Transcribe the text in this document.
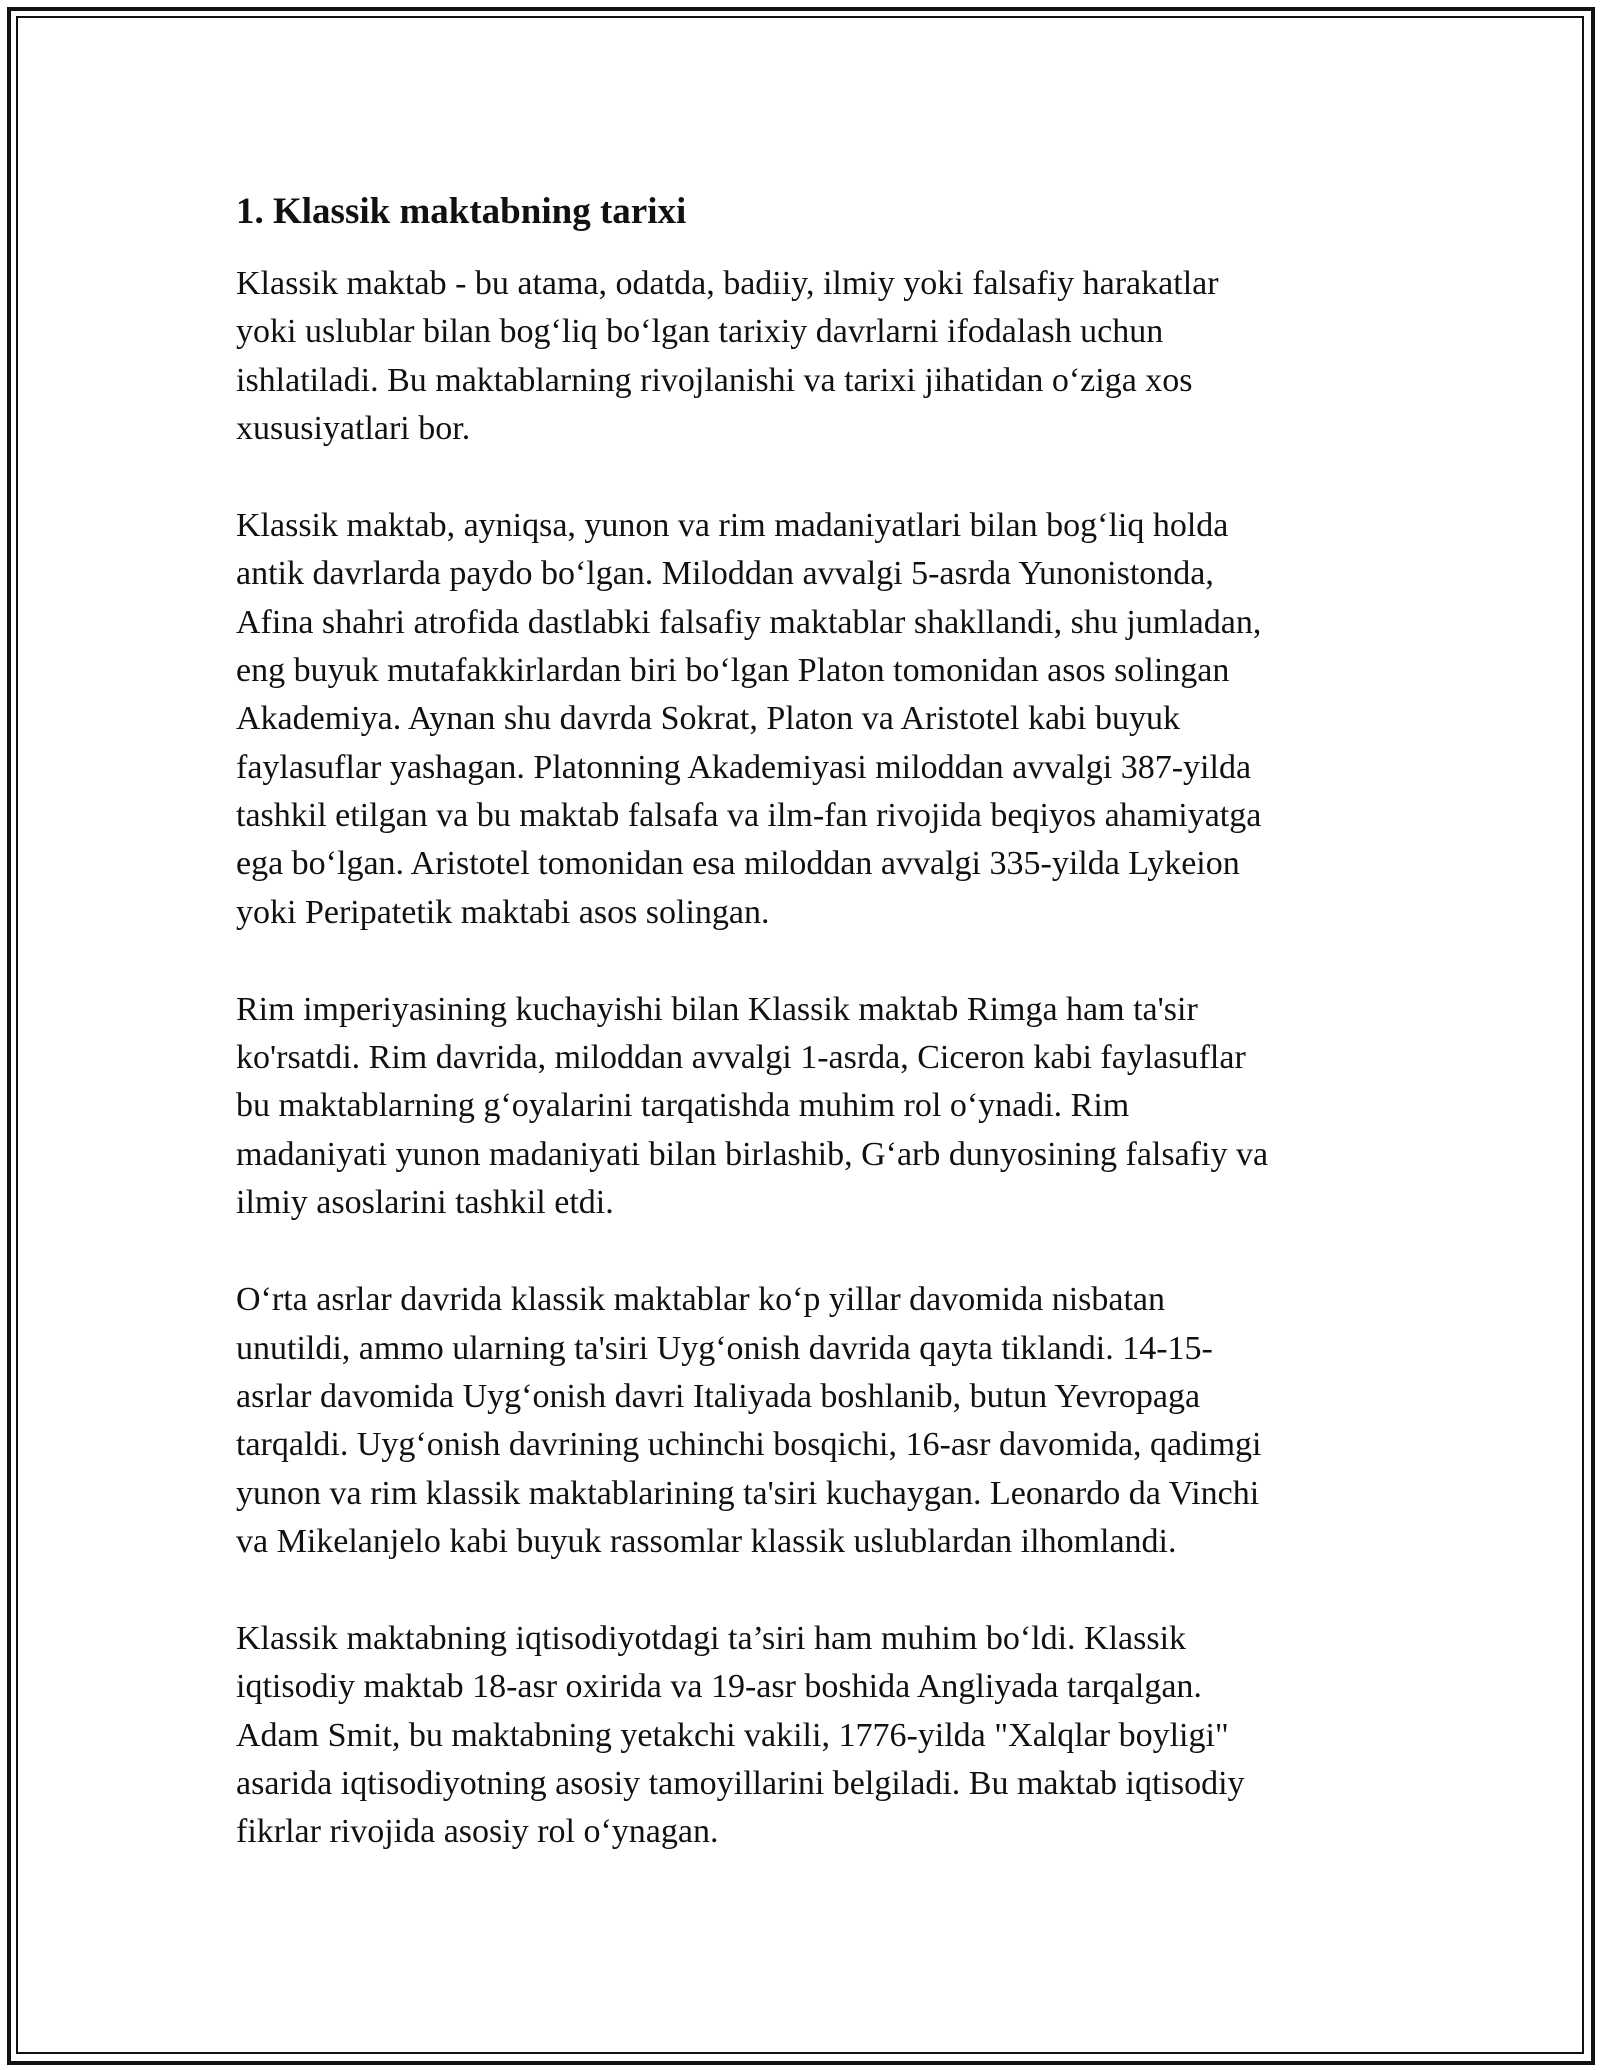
1. Klassik maktabning tarixi

Klassik maktab - bu atama, odatda, badiiy, ilmiy yoki falsafiy harakatlar
yoki uslublar bilan bog‘liq bo‘lgan tarixiy davrlarni ifodalash uchun
ishlatiladi. Bu maktablarning rivojlanishi va tarixi jihatidan o‘ziga xos
xususiyatlari bor.

Klassik maktab, ayniqsa, yunon va rim madaniyatlari bilan bog‘liq holda
antik davrlarda paydo bo‘lgan. Miloddan avvalgi 5-asrda Yunonistonda,
Afina shahri atrofida dastlabki falsafiy maktablar shakllandi, shu jumladan,
eng buyuk mutafakkirlardan biri bo‘lgan Platon tomonidan asos solingan
Akademiya. Aynan shu davrda Sokrat, Platon va Aristotel kabi buyuk
faylasuflar yashagan. Platonning Akademiyasi miloddan avvalgi 387-yilda
tashkil etilgan va bu maktab falsafa va ilm-fan rivojida beqiyos ahamiyatga
ega bo‘lgan. Aristotel tomonidan esa miloddan avvalgi 335-yilda Lykeion
yoki Peripatetik maktabi asos solingan.

Rim imperiyasining kuchayishi bilan Klassik maktab Rimga ham ta'sir
ko'rsatdi. Rim davrida, miloddan avvalgi 1-asrda, Ciceron kabi faylasuflar
bu maktablarning g‘oyalarini tarqatishda muhim rol o‘ynadi. Rim
madaniyati yunon madaniyati bilan birlashib, G‘arb dunyosining falsafiy va
ilmiy asoslarini tashkil etdi.

O‘rta asrlar davrida klassik maktablar ko‘p yillar davomida nisbatan
unutildi, ammo ularning ta'siri Uyg‘onish davrida qayta tiklandi. 14-15-
asrlar davomida Uyg‘onish davri Italiyada boshlanib, butun Yevropaga
tarqaldi. Uyg‘onish davrining uchinchi bosqichi, 16-asr davomida, qadimgi
yunon va rim klassik maktablarining ta'siri kuchaygan. Leonardo da Vinchi
va Mikelanjelo kabi buyuk rassomlar klassik uslublardan ilhomlandi.

Klassik maktabning iqtisodiyotdagi ta’siri ham muhim bo‘ldi. Klassik
iqtisodiy maktab 18-asr oxirida va 19-asr boshida Angliyada tarqalgan.
Adam Smit, bu maktabning yetakchi vakili, 1776-yilda "Xalqlar boyligi"
asarida iqtisodiyotning asosiy tamoyillarini belgiladi. Bu maktab iqtisodiy
fikrlar rivojida asosiy rol o‘ynagan.
